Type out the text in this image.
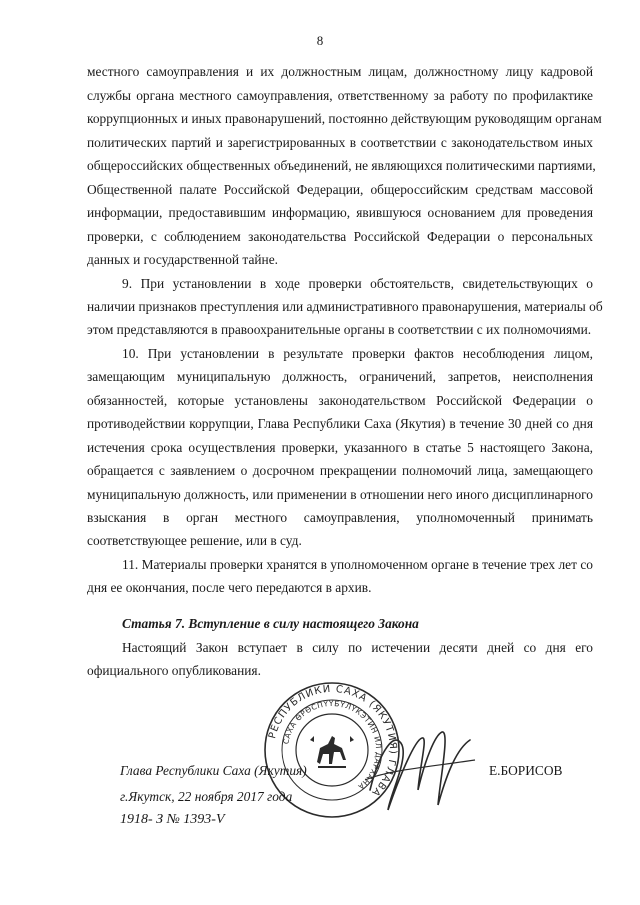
8
местного самоуправления и их должностным лицам, должностному лицу кадровой
службы органа местного самоуправления, ответственному за работу по профилактике
коррупционных и иных правонарушений, постоянно действующим руководящим органам
политических партий и зарегистрированных в соответствии с законодательством иных
общероссийских общественных объединений, не являющихся политическими партиями,
Общественной палате Российской Федерации, общероссийским средствам массовой
информации, предоставившим информацию, явившуюся основанием для проведения
проверки, с соблюдением законодательства Российской Федерации о персональных
данных и государственной тайне.
9. При установлении в ходе проверки обстоятельств, свидетельствующих о
наличии признаков преступления или административного правонарушения, материалы об
этом представляются в правоохранительные органы в соответствии с их полномочиями.
10. При установлении в результате проверки фактов несоблюдения лицом,
замещающим муниципальную должность, ограничений, запретов, неисполнения
обязанностей, которые установлены законодательством Российской Федерации о
противодействии коррупции, Глава Республики Саха (Якутия) в течение 30 дней со дня
истечения срока осуществления проверки, указанного в статье 5 настоящего Закона,
обращается с заявлением о досрочном прекращении полномочий лица, замещающего
муниципальную должность, или применении в отношении него иного дисциплинарного
взыскания в орган местного самоуправления, уполномоченный принимать
соответствующее решение, или в суд.
11. Материалы проверки хранятся в уполномоченном органе в течение трех лет со
дня ее окончания, после чего передаются в архив.
Статья 7. Вступление в силу настоящего Закона
Настоящий Закон вступает в силу по истечении десяти дней со дня его
официального опубликования.
РЕСПУБЛИКИ САХА (ЯКУТИЯ) ГЛАВА
САХА ӨРӨСПҮҮБҮЛҮКЭТИН ИЛ ДАРХАНА
Глава Республики Саха (Якутия)	Е.БОРИСОВ
г.Якутск, 22 ноября 2017 года
1918- З № 1393-V
